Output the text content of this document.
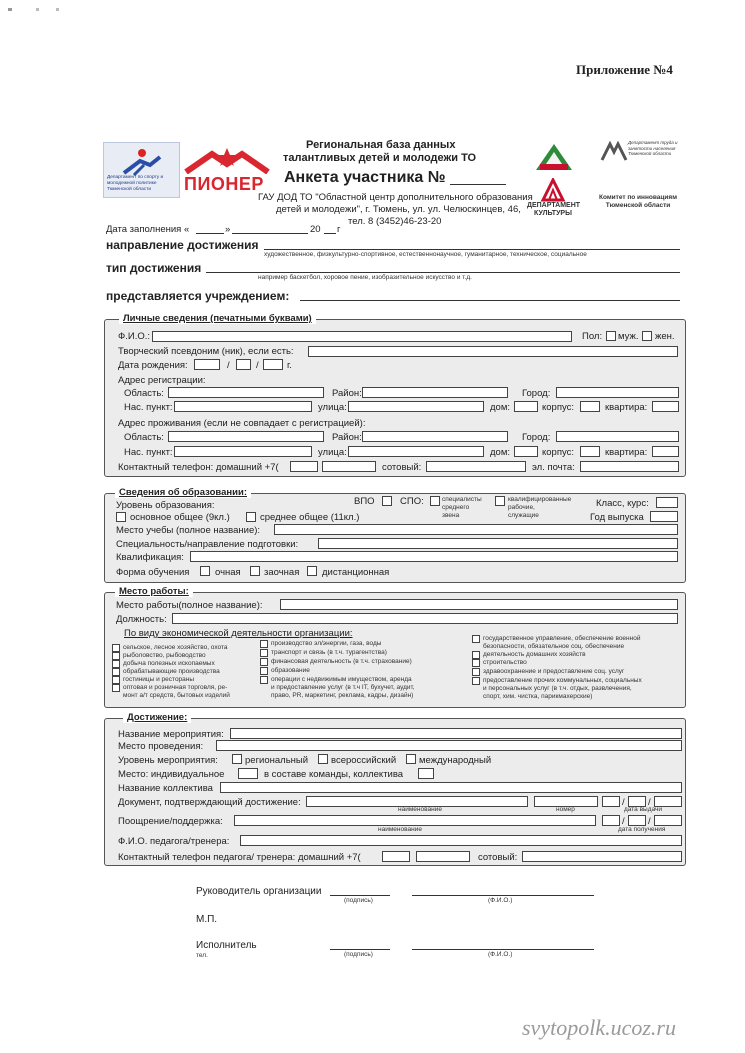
Приложение №4
Департамент по спорту и молодежной политике Тюменской области	ПИОНЕР
ДЕПАРТАМЕНТ КУЛЬТУРЫ
Департамент труда и занятости населения Тюменской области
Комитет по инновациям Тюменской области
Региональная база данных
талантливых детей и молодежи ТО
Анкета участника №
ГАУ ДОД ТО "Областной центр дополнительного образования
детей и молодежи", г. Тюмень, ул. ул. Челюскинцев, 46,
тел. 8 (3452)46-23-20
Дата заполнения «	»	20 г
направление достижения
художественное, физкультурно-спортивное, естественнонаучное, гуманитарное, техническое, социальное
тип достижения
например баскетбол, хоровое пение, изобразительное искусство и т.д.
представляется учреждением:
Личные сведения (печатными буквами)
Ф.И.О.:	Пол: муж. жен.
Творческий псевдоним (ник), если есть:
Дата рождения:	/	/	г.
Адрес регистрации:
Область:	Район:	Город:
Нас. пункт:	улица:	дом:	корпус:	квартира:
Адрес проживания (если не совпадает с регистрацией):
Область:	Район:	Город:
Нас. пункт:	улица:	дом:	корпус:	квартира:
Контактный телефон: домашний +7(	сотовый:	эл. почта:
Сведения об образовании:
Уровень образования:	ВПО	СПО:	специалисты
среднего
звена
квалифицированные
рабочие,
служащие
Класс, курс:
основное общее (9кл.)	среднее общее (11кл.)	Год выпуска
Место учебы (полное название):
Специальность/направление подготовки:
Квалификация:
Форма обучения	очная заочная дистанционная
Место работы:
Место работы(полное название):
Должность:
По виду экономической деятельности организации:
сельское, лесное хозяйство, охота
рыболовство, рыбоводство
добыча полезных ископаемых
обрабатывающие производства
гостиницы и рестораны
оптовая и розничная торговля, ре-
монт а/т средств, бытовых изделий
производство эл/энергии, газа, воды
транспорт и связь (в т.ч. турагентства)
финансовая деятельность (в т.ч. страхование)
образование
операции с недвижимым имуществом, аренда
и предоставление услуг (в т.ч IT, бухучет, аудит,
право, PR, маркетинг, реклама, кадры, дизайн)
государственное управление, обеспечение военной
безопасности, обязательное соц. обеспечение
деятельность домашних хозяйств
строительство
здравоохранение и предоставление соц. услуг
предоставление прочих коммунальных, социальных
и персональных услуг (в т.ч. отдых, развлечения,
спорт, хим. чистка, парикмахерские)
Достижение:
Название мероприятия:
Место проведения:
Уровень мероприятия:	региональный всероссийский международный
Место: индивидуальное	в составе команды, коллектива
Название коллектива
Документ, подтверждающий достижение:
наименование	номер
/ /
дата выдачи
Поощрение/поддержка:
наименование
/ /
дата получения
Ф.И.О. педагога/тренера:
Контактный телефон педагога/ тренера: домашний +7(	сотовый:
Руководитель организации
(подпись)	(Ф.И.О.)
М.П.
Исполнитель
тел.	(подпись)	(Ф.И.О.)
svytopolk.ucoz.ru
